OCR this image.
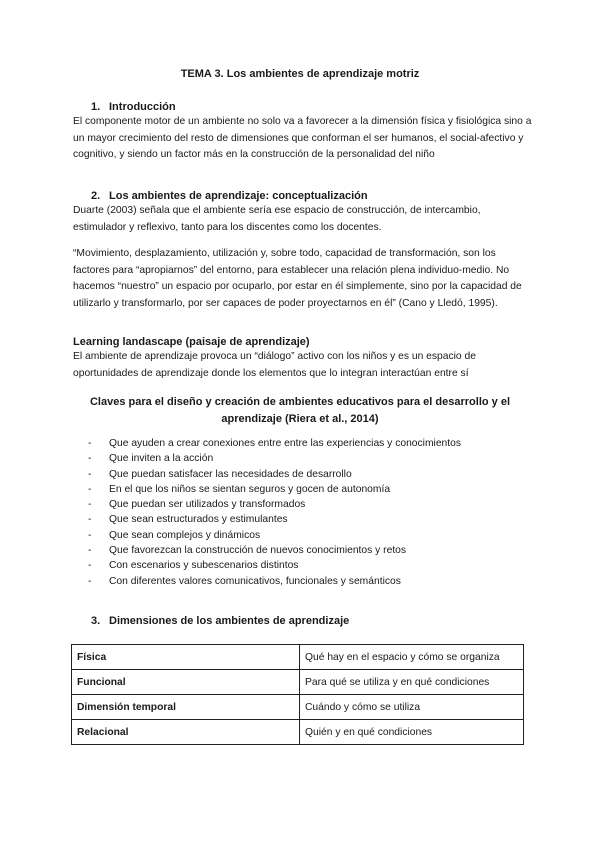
TEMA 3. Los ambientes de aprendizaje motriz
1. Introducción

El componente motor de un ambiente no solo va a favorecer a la dimensión física y fisiológica sino a un mayor crecimiento del resto de dimensiones que conforman el ser humanos, el social-afectivo y cognitivo, y siendo un factor más en la construcción de la personalidad del niño

2. Los ambientes de aprendizaje: conceptualización

Duarte (2003) señala que el ambiente sería ese espacio de construcción, de intercambio, estimulador y reflexivo, tanto para los discentes como los docentes.

“Movimiento, desplazamiento, utilización y, sobre todo, capacidad de transformación, son los factores para “apropiarnos” del entorno, para establecer una relación plena individuo-medio. No hacemos “nuestro” un espacio por ocuparlo, por estar en él simplemente, sino por la capacidad de utilizarlo y transformarlo, por ser capaces de poder proyectarnos en él” (Cano y Lledó, 1995).

Learning landascape (paisaje de aprendizaje)

El ambiente de aprendizaje provoca un “diálogo” activo con los niños y es un espacio de oportunidades de aprendizaje donde los elementos que lo integran interactúan entre sí

Claves para el diseño y creación de ambientes educativos para el desarrollo y el aprendizaje (Riera et al., 2014)
- Que ayuden a crear conexiones entre entre las experiencias y conocimientos
- Que inviten a la acción
- Que puedan satisfacer las necesidades de desarrollo
- En el que los niños se sientan seguros y gocen de autonomía
- Que puedan ser utilizados y transformados
- Que sean estructurados y estimulantes
- Que sean complejos y dinámicos
- Que favorezcan la construcción de nuevos conocimientos y retos
- Con escenarios y subescenarios distintos
- Con diferentes valores comunicativos, funcionales y semánticos
3. Dimensiones de los ambientes de aprendizaje
Física	Qué hay en el espacio y cómo se organiza
Funcional	Para qué se utiliza y en qué condiciones
Dimensión temporal	Cuándo y cómo se utiliza
Relacional	Quién y en qué condiciones
